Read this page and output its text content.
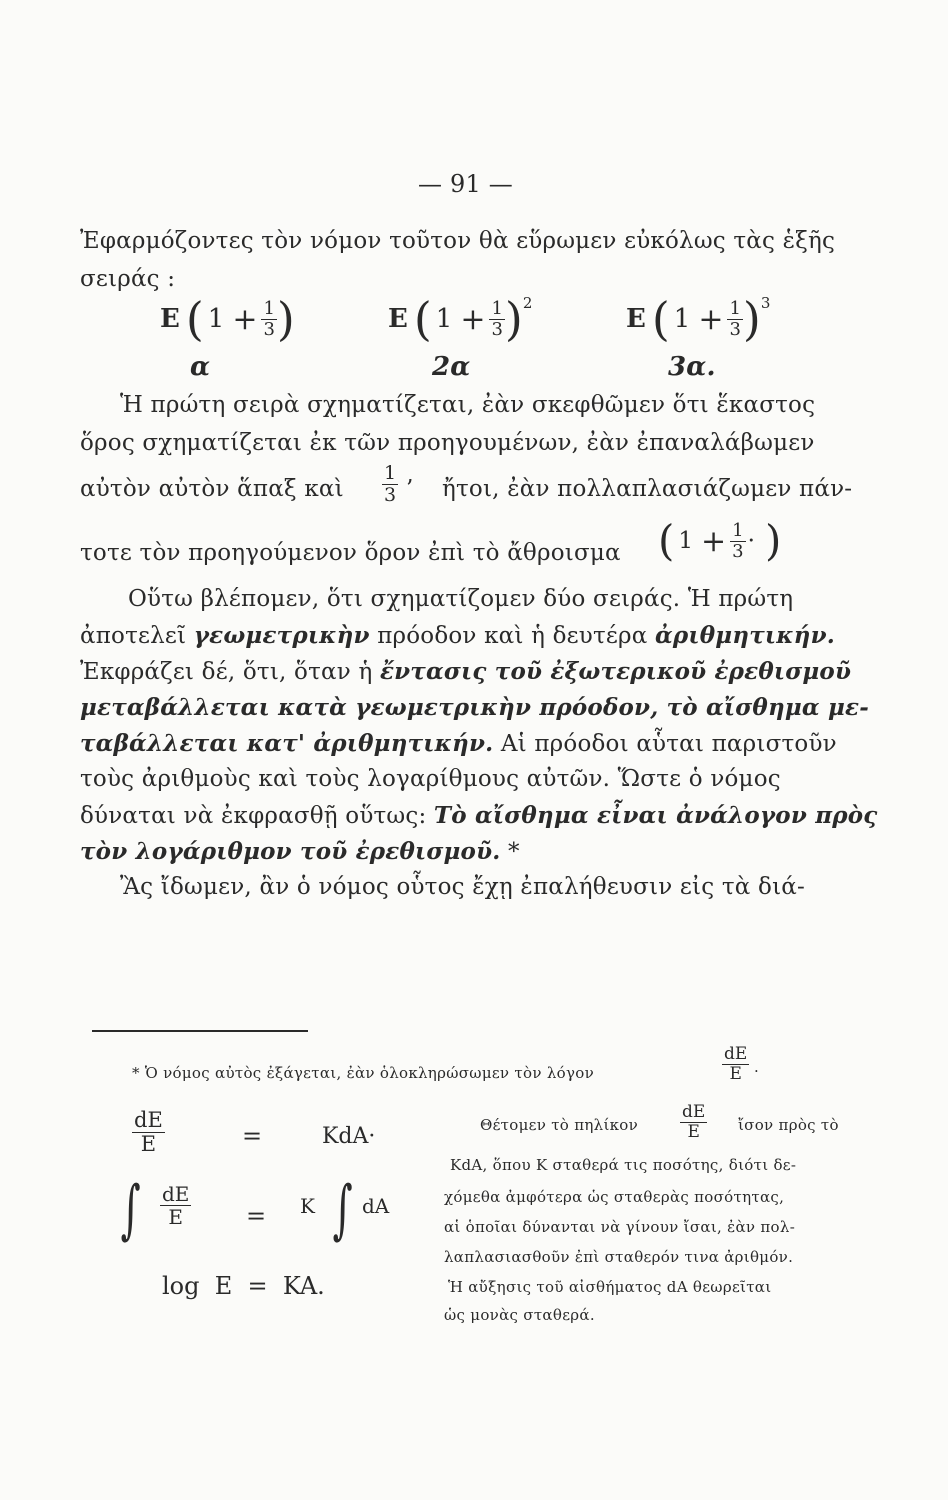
— 91 —
Ἐφαρμόζοντες τὸν νόμον τοῦτον θὰ εὕρωμεν εὐκόλως τὰς ἑξῆς
σειράς :
E ( $1 + \frac{1}{3}$ )	E ( $1 + \frac{1}{3}$ ) 2
E ( $1 + \frac{1}{3}$ ) 3
α	2α	3α.
Ἡ πρώτη σειρὰ σχηματίζεται, ἐὰν σκεφθῶμεν ὅτι ἕκαστος
ὅρος σχηματίζεται ἐκ τῶν προηγουμένων, ἐὰν ἐπαναλάβωμεν
αὐτὸν αὐτὸν ἅπαξ καὶ $\frac{1}{3}$ ’ ἤτοι, ἐὰν πολλαπλασιάζωμεν πάν-
τοτε τὸν προηγούμενον ὅρον ἐπὶ τὸ ἄθροισμα ( $1 + \frac{1}{3}$ · )
Οὕτω βλέπομεν, ὅτι σχηματίζομεν δύο σειράς. Ἡ πρώτη
ἀποτελεῖ γεωμετρικὴν πρόοδον καὶ ἡ δευτέρα ἀριθμητικήν.
Ἐκφράζει δέ, ὅτι, ὅταν ἡ ἔντασις τοῦ ἐξωτερικοῦ ἐρεθισμοῦ
μεταβάλλεται κατὰ γεωμετρικὴν πρόοδον, τὸ αἴσθημα με-
ταβάλλεται κατ' ἀριθμητικήν. Αἱ πρόοδοι αὗται παριστοῦν
τοὺς ἀριθμοὺς καὶ τοὺς λογαρίθμους αὐτῶν. Ὥστε ὁ νόμος
δύναται νὰ ἐκφρασθῇ οὕτως: Τὸ αἴσθημα εἶναι ἀνάλογον πρὸς
τὸν λογάριθμον τοῦ ἐρεθισμοῦ. *
Ἂς ἴδωμεν, ἂν ὁ νόμος οὗτος ἔχῃ ἐπαλήθευσιν εἰς τὰ διά-
* Ὁ νόμος αὐτὸς ἐξάγεται, ἐὰν ὁλοκληρώσωμεν τὸν λόγον	$\frac{dE}{E}$ ·
$\frac{dE}{E}$	=	KdA·
∫ $\frac{dE}{E} = K$ ∫ dA
log  E  =  KA.
Θέτομεν τὸ πηλίκον $\frac{dE}{E}$ ἴσον πρὸς τὸ
KdA, ὅπου K σταθερά τις ποσότης, διότι δε-
χόμεθα ἀμφότερα ὡς σταθερὰς ποσότητας,
αἱ ὁποῖαι δύνανται νὰ γίνουν ἴσαι, ἐὰν πολ-
λαπλασιασθοῦν ἐπὶ σταθερόν τινα ἀριθμόν.
Ἡ αὔξησις τοῦ αἰσθήματος dA θεωρεῖται
ὡς μονὰς σταθερά.
